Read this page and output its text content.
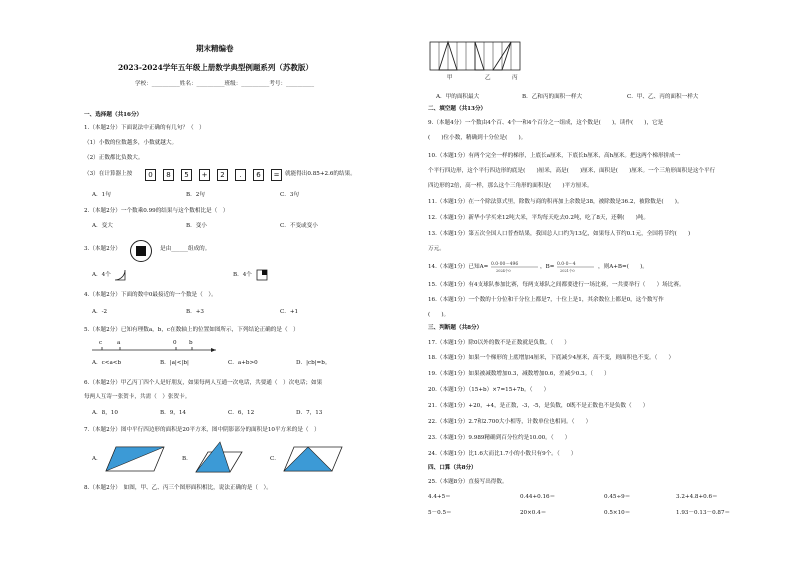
期末精编卷
2023-2024学年五年级上册数学典型例题系列（苏教版）
学校：__________姓名：__________班级：__________考号：__________
一、选择题（共16分）
1.（本题2分）下面说法中正确的有几句？（　）
（1）小数的位数越多，小数就越大。
（2）正数都比负数大。
（3）在计算器上按	0	8	5	+	2	.	6	= 就能得出0.85+2.6的结果。
A．1句	B．2句	C．3句
2.（本题2分）一个数乘0.99的结果与这个数相比是（　）
A．变大	B．变小	C．不变或变小
3.（本题2分）	是由______组成的。
A．4个	B．4个
4.（本题2分）下面的数中0最接近的一个数是（　）。
A．-2	B．+3	C．+1
5.（本题2分）已知有理数a，b，c在数轴上的位置如图所示，下列结论正确的是（　）
c	a	0 b
A．c<a<b	B．|a|<|b|	C．a+b>0	D．|cb|=b。
6.（本题2分）甲乙丙丁四个人是好朋友，如果每两人互通一次电话，共要通（　）次电话；如果
每两人互寄一张贺卡，共需（　）张贺卡。
A．8，10	B．9，14	C．6，12	D．7，13
7.（本题2分）图中平行四边形的面积是20平方米，图中阴影部分的面积是10平方米的是（　）
A．	B．	C．
8.（本题2分）　如图，甲、乙、丙三个图形面积相比，说法正确的是（　）。
甲	乙	丙
A．甲的面积最大	B．乙和丙的面积一样大	C．甲、乙、丙的面积一样大
二、填空题（共13分）
9.（本题4分）一个数由4个百、4个一和4个百分之一组成，这个数是(　　)，读作(　　)，它是
(　　)位小数，精确到十分位是(　　)。
10.（本题1分）有两个完全一样的梯形，上底长a厘米，下底长b厘米，高h厘米。把这两个梯形拼成一
个平行四边形，这个平行四边形的底是(　　)厘米，高是(　　)厘米，面积是(　　)厘米。一个三角形面积是这个平行
四边形的2倍，高一样，那么这个三角形的面积是(　　)平方厘米。
11.（本题1分）在一个除法算式里，除数与商的积再加上余数是38，被除数是36.2，被除数是(　　)。
12.（本题1分）新华小学买来12吨大米，平均每天吃去0.2吨，吃了8天，还剩(　　)吨。
13.（本题1分）第五次全国人口普查结果，我国总人口约为13亿，如果每人节约0.1元，全国将节约(　　)
万元。
14.（本题1分）已知A= 0.0·00···496
2024个0
，B= 0.0·0···4
2021个0
，则A+B=(　　)。
15.（本题1分）有4支球队参加比赛，每两支球队之间都要进行一场比赛，一共要举行（　　）场比赛。
16.（本题1分）一个数的十分位和千分位上都是7，十位上是1，其余数位上都是0，这个数写作
(　　)。
三、判断题（共8分）
17.（本题1分）除0以外的数不是正数就是负数。（　　）
18.（本题1分）如果一个梯形的上底增加4厘米，下底减少4厘米，高不变，则面积也不变。（　　）
19.（本题1分）如果被减数增加0.3，减数增加0.6，差减少0.3。（　　）
20.（本题1分）（15+b）×7=15+7b。（　　）
21.（本题1分）+20，+4，是正数，-3，-5，是负数，0既不是正数也不是负数（　　）
22.（本题1分）2.7和2.700大小相等，计数单位也相同。（　　）
23.（本题1分）9.989精确到百分位约是10.00。（　　）
24.（本题1分）比1.6大而比1.7小的小数只有9个。（　　）
四、口算（共8分）
25.（本题8分）直接写出得数。
4.4+5＝	0.44+0.16＝	0.45÷9＝	3.2+4.8+0.6＝
5－0.5＝	20×0.4＝	0.5×10＝	1.93－0.13－0.87＝
